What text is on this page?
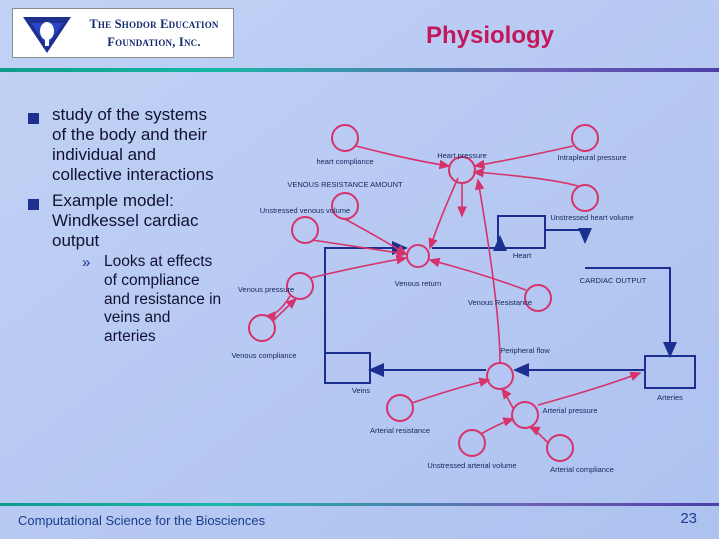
The Shodor Education
Foundation, Inc.	Physiology
study of the systems of the body and their individual and collective interactions
Example model: Windkessel cardiac output
» Looks at effects of compliance and resistance in veins and arteries
heart compliance
Heart pressure	Intrapleural pressure
VENOUS RESISTANCE AMOUNT
Unstressed heart volume
Unstressed venous volume
Venous return	CARDIAC OUTPUT
Venous pressure
Venous Resistance
Venous compliance
Peripheral flow
Arterial resistance
Arterial pressure
Unstressed arterial volume	Arterial compliance
Heart
Veins
Arteries
Computational Science for the Biosciences	23
